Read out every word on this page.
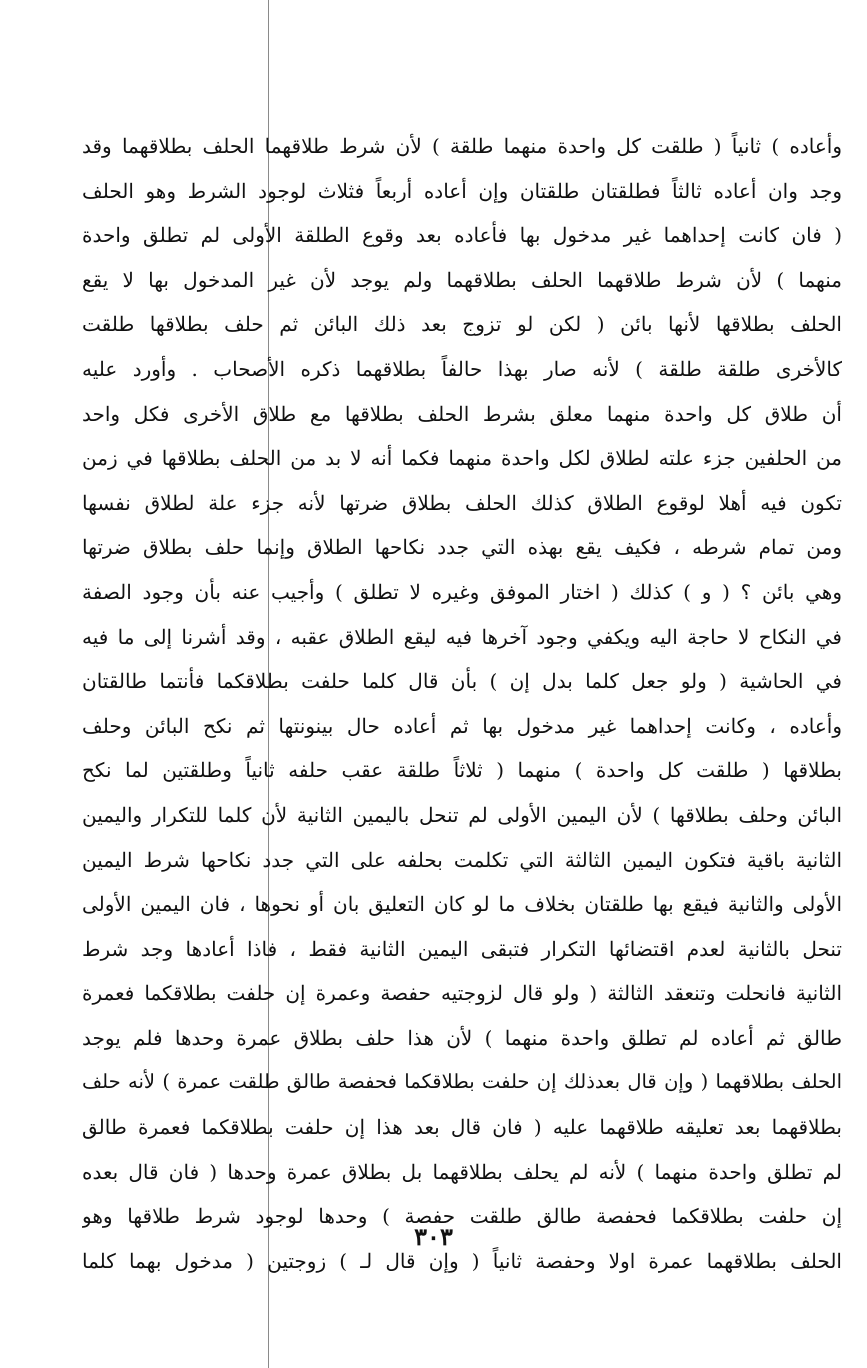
وأعاده ) ثانياً ( طلقت كل واحدة منهما طلقة ) لأن شرط طلاقهما الحلف بطلاقهما وقد
وجد وان أعاده ثالثاً فطلقتان طلقتان وإن أعاده أربعاً فثلاث لوجود الشرط وهو الحلف
( فان كانت إحداهما غير مدخول بها فأعاده بعد وقوع الطلقة الأولى لم تطلق واحدة
منهما ) لأن شرط طلاقهما الحلف بطلاقهما ولم يوجد لأن غير المدخول بها لا يقع
الحلف بطلاقها لأنها بائن ( لكن لو تزوج بعد ذلك البائن ثم حلف بطلاقها طلقت
كالأخرى طلقة طلقة ) لأنه صار بهذا حالفاً بطلاقهما ذكره الأصحاب . وأورد عليه
أن طلاق كل واحدة منهما معلق بشرط الحلف بطلاقها مع طلاق الأخرى فكل واحد
من الحلفين جزء علته لطلاق لكل واحدة منهما فكما أنه لا بد من الحلف بطلاقها في زمن
تكون فيه أهلا لوقوع الطلاق كذلك الحلف بطلاق ضرتها لأنه جزء علة لطلاق نفسها
ومن تمام شرطه ، فكيف يقع بهذه التي جدد نكاحها الطلاق وإنما حلف بطلاق ضرتها
وهي بائن ؟ ( و ) كذلك ( اختار الموفق وغيره لا تطلق ) وأجيب عنه بأن وجود الصفة
في النكاح لا حاجة اليه ويكفي وجود آخرها فيه ليقع الطلاق عقبه ، وقد أشرنا إلى ما فيه
في الحاشية ( ولو جعل كلما بدل إن ) بأن قال كلما حلفت بطلاقكما فأنتما طالقتان
وأعاده ، وكانت إحداهما غير مدخول بها ثم أعاده حال بينونتها ثم نكح البائن وحلف
بطلاقها ( طلقت كل واحدة ) منهما ( ثلاثاً طلقة عقب حلفه ثانياً وطلقتين لما نكح
البائن وحلف بطلاقها ) لأن اليمين الأولى لم تنحل باليمين الثانية لأن كلما للتكرار واليمين
الثانية باقية فتكون اليمين الثالثة التي تكلمت بحلفه على التي جدد نكاحها شرط اليمين
الأولى والثانية فيقع بها طلقتان بخلاف ما لو كان التعليق بان أو نحوها ، فان اليمين الأولى
تنحل بالثانية لعدم اقتضائها التكرار فتبقى اليمين الثانية فقط ، فاذا أعادها وجد شرط
الثانية فانحلت وتنعقد الثالثة ( ولو قال لزوجتيه حفصة وعمرة إن حلفت بطلاقكما فعمرة
طالق ثم أعاده لم تطلق واحدة منهما ) لأن هذا حلف بطلاق عمرة وحدها فلم يوجد
الحلف بطلاقهما ( وإن قال بعدذلك إن حلفت بطلاقكما فحفصة طالق طلقت عمرة ) لأنه حلف
بطلاقهما بعد تعليقه طلاقهما عليه ( فان قال بعد هذا إن حلفت بطلاقكما فعمرة طالق
لم تطلق واحدة منهما ) لأنه لم يحلف بطلاقهما بل بطلاق عمرة وحدها ( فان قال بعده
إن حلفت بطلاقكما فحفصة طالق طلقت حفصة ) وحدها لوجود شرط طلاقها وهو
الحلف بطلاقهما عمرة اولا وحفصة ثانياً ( وإن قال لـ ) زوجتين ( مدخول بهما كلما
٣٠٣
